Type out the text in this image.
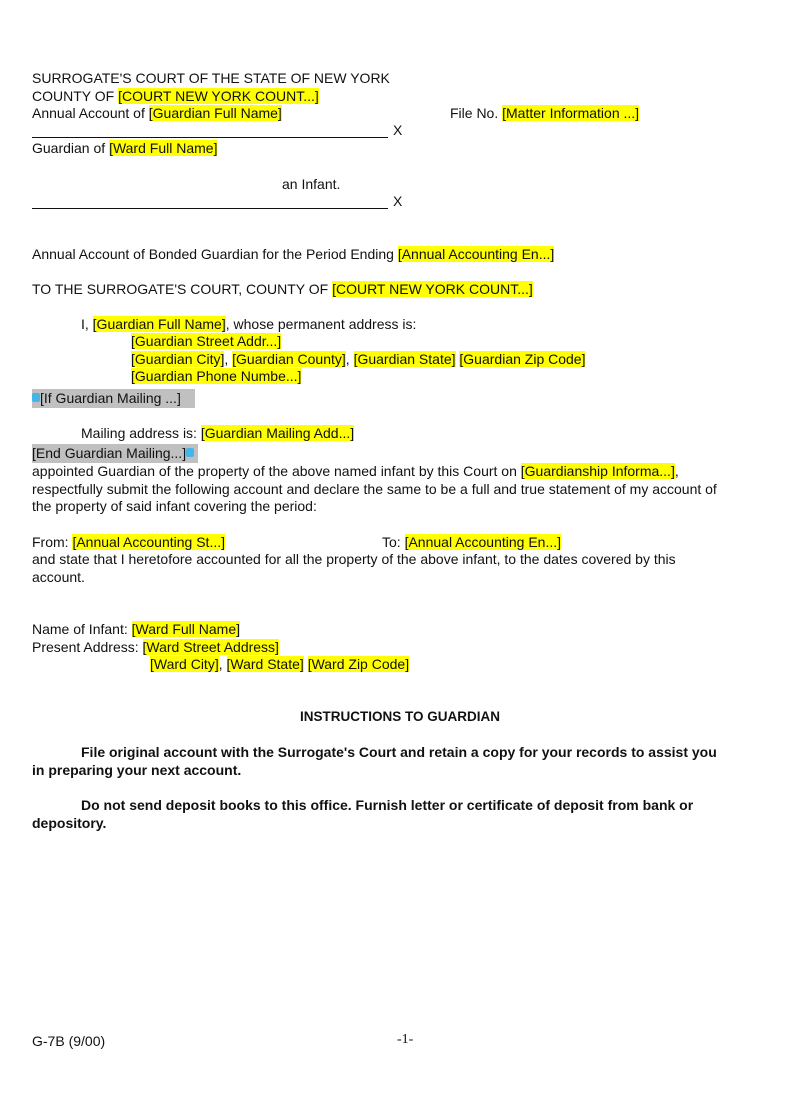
SURROGATE'S COURT OF THE STATE OF NEW YORK
COUNTY OF [COURT NEW YORK COUNT...]
Annual Account of [Guardian Full Name]	File No. [Matter Information ...]
X
Guardian of [Ward Full Name]
an Infant.
X
Annual Account of Bonded Guardian for the Period Ending [Annual Accounting En...]
TO THE SURROGATE'S COURT, COUNTY OF [COURT NEW YORK COUNT...]
I, [Guardian Full Name], whose permanent address is:
[Guardian Street Addr...]
[Guardian City], [Guardian County], [Guardian State] [Guardian Zip Code]
[Guardian Phone Numbe...]
[If Guardian Mailing ...]
Mailing address is: [Guardian Mailing Add...]
[End Guardian Mailing...]
appointed Guardian of the property of the above named infant by this Court on [Guardianship Informa...],
respectfully submit the following account and declare the same to be a full and true statement of my account of
the property of said infant covering the period:
From: [Annual Accounting St...]	To: [Annual Accounting En...]
and state that I heretofore accounted for all the property of the above infant, to the dates covered by this
account.
Name of Infant: [Ward Full Name]
Present Address: [Ward Street Address]
[Ward City], [Ward State] [Ward Zip Code]
INSTRUCTIONS TO GUARDIAN
File original account with the Surrogate's Court and retain a copy for your records to assist you
in preparing your next account.
Do not send deposit books to this office. Furnish letter or certificate of deposit from bank or
depository.
G-7B (9/00)	-1-
